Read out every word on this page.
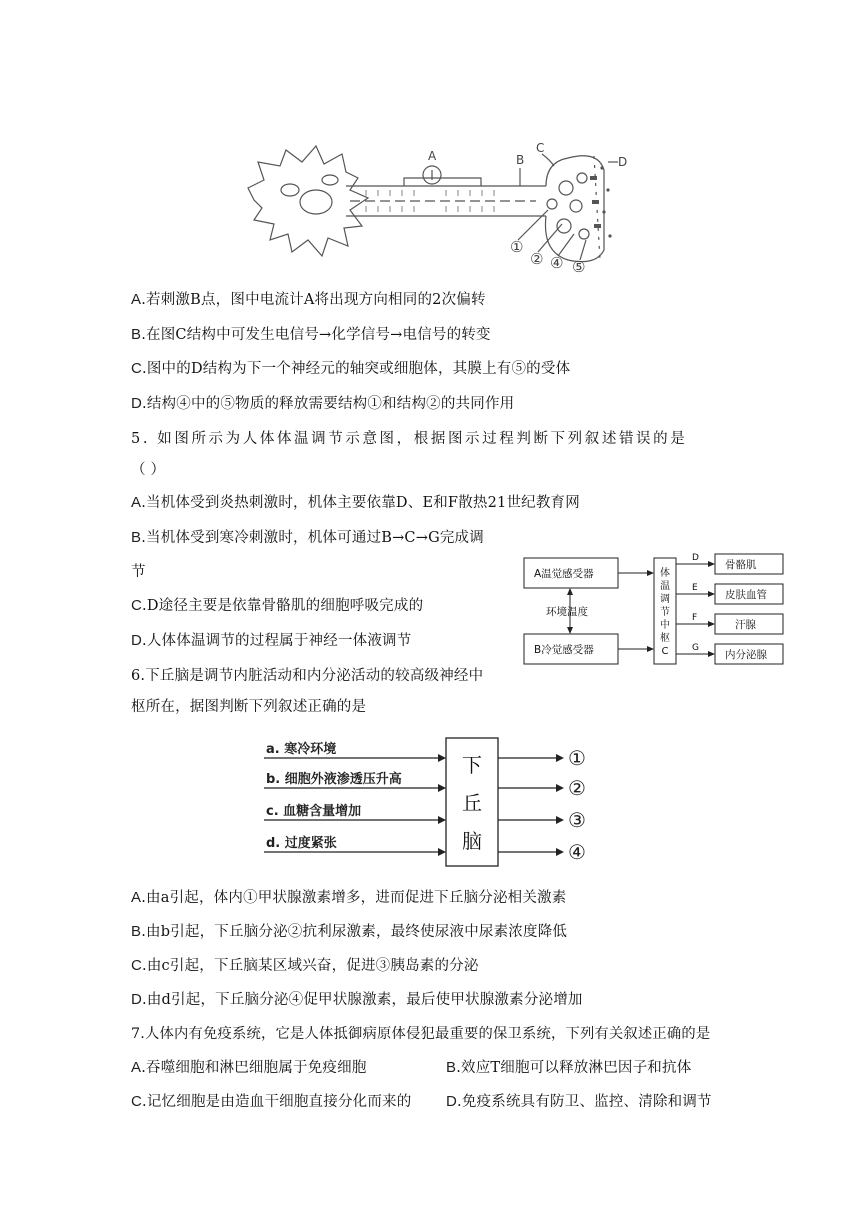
A	B
C
D
①
② ④ ⑤
A.若刺激B点，图中电流计A将出现方向相同的2次偏转
B.在图C结构中可发生电信号→化学信号→电信号的转变
C.图中的D结构为下一个神经元的轴突或细胞体，其膜上有⑤的受体
D.结构④中的⑤物质的释放需要结构①和结构②的共同作用
5. 如图所示为人体体温调节示意图，根据图示过程判断下列叙述错误的是
（ ）
A.当机体受到炎热刺激时，机体主要依靠D、E和F散热21世纪教育网
B.当机体受到寒冷刺激时，机体可通过B→C→G完成调
节
C.D途径主要是依靠骨骼肌的细胞呼吸完成的
D.人体体温调节的过程属于神经一体液调节
A温觉感受器
B冷觉感受器
环境温度
骨骼肌
皮肤血管
汗腺
内分泌腺
D
E
F
G
体温调节中枢 C
6.下丘脑是调节内脏活动和内分泌活动的较高级神经中
枢所在，据图判断下列叙述正确的是
a. 寒冷环境
b. 细胞外液渗透压升高
c. 血糖含量增加
d. 过度紧张
①
②
③
④
下丘脑
A.由a引起，体内①甲状腺激素增多，进而促进下丘脑分泌相关激素
B.由b引起，下丘脑分泌②抗利尿激素，最终使尿液中尿素浓度降低
C.由c引起，下丘脑某区域兴奋，促进③胰岛素的分泌
D.由d引起，下丘脑分泌④促甲状腺激素，最后使甲状腺激素分泌增加
7.人体内有免疫系统，它是人体抵御病原体侵犯最重要的保卫系统，下列有关叙述正确的是
A.吞噬细胞和淋巴细胞属于免疫细胞	B.效应T细胞可以释放淋巴因子和抗体
C.记忆细胞是由造血干细胞直接分化而来的 D.免疫系统具有防卫、监控、清除和调节
